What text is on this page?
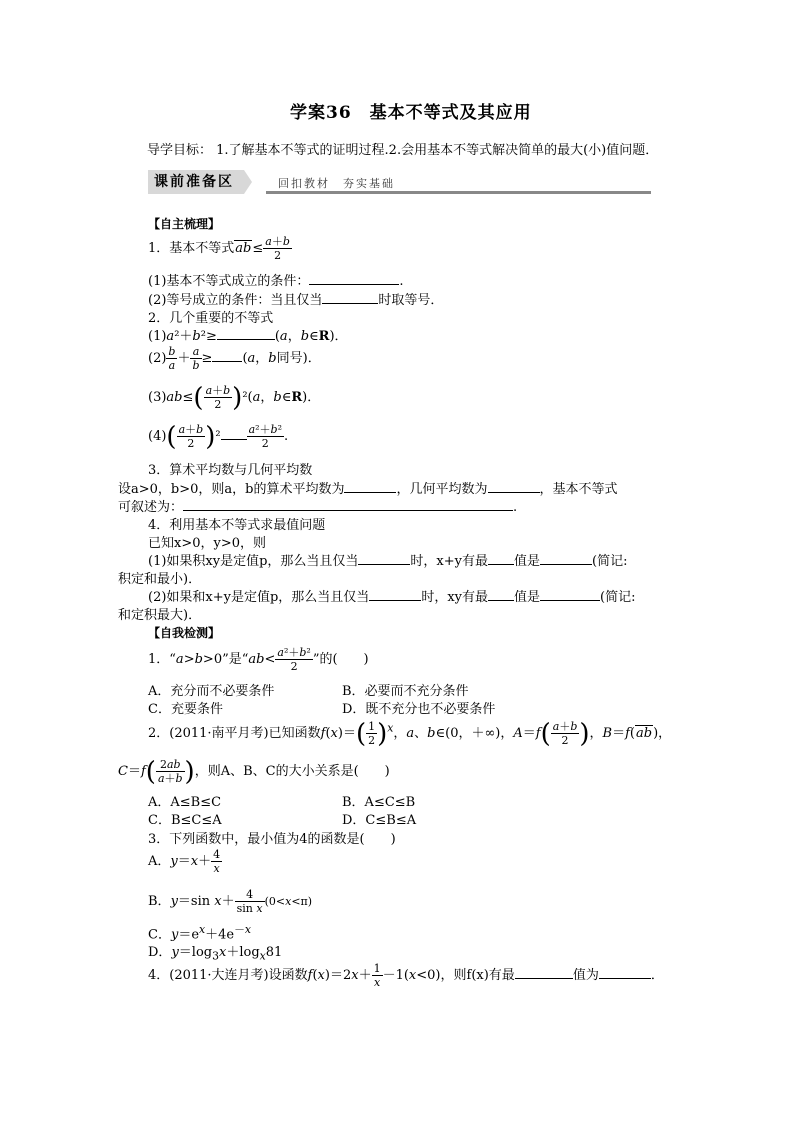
学案36　基本不等式及其应用
导学目标： 1.了解基本不等式的证明过程.2.会用基本不等式解决简单的最大(小)值问题．
课前准备区	回扣教材　夯实基础
【自主梳理】
1．基本不等式$ab\le \frac{a+b}{2}$
(1)基本不等式成立的条件：	.
(2)等号成立的条件：当且仅当	时取等号．
2．几个重要的不等式
(1)a²＋b²≥	(a，b∈R)．
$(2) \frac{b}{a} + \frac{a}{b} \ge (a$，b同号)．
$(3)ab\le( \frac{a+b}{2} )^2(a$，b∈R)．
$(4)( \frac{a+b}{2} )^2 \frac{\text{a²＋b²}}{2}$ .
3．算术平均数与几何平均数
设a>0，b>0，则a，b的算术平均数为	，几何平均数为	，基本不等式
可叙述为：	.
4．利用基本不等式求最值问题
已知x>0，y>0，则
(1)如果积xy是定值p，那么当且仅当	时，x+y有最 值是	(简记:
积定和最小)．
(2)如果和x+y是定值p，那么当且仅当	时，xy有最 值是	(简记:
和定积最大)．
【自我检测】
1．“a>b>0”是“$ab< \frac{\text{a²＋b²}}{2}$ ”的(　　)
A．充分而不必要条件	B．必要而不充分条件
C．充要条件	D．既不充分也不必要条件
2．(2011·南平月考)已知函数$f(x)=( \frac{1}{2} )^x$，a、b∈(0，＋∞)，$A=f( \frac{a+b}{2}$ )，B＝f(ab)，
$C=f( \frac{2ab}{a+b}$ )，则A、B、C的大小关系是(　　)
A．A≤B≤C	B．A≤C≤B
C．B≤C≤A	D．C≤B≤A
3．下列函数中，最小值为4的函数是(　　)
A．$y=x+ \frac{4}{x}$
B．y＝sin $x+ \frac{4}{\text{sin x}} (0<x<\pi)$
C．$y=e^x+4e^{-x}$
D．$y=\log_3x+\log_x81$
4．(2011·大连月考)设函数$f(x)=2x+ \frac{1}{x} -1(x<0)$，则f(x)有最	值为	．
